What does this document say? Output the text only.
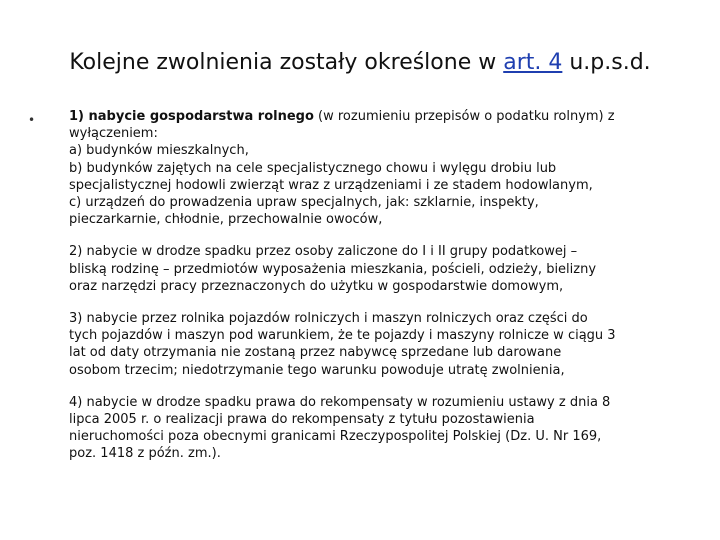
Kolejne zwolnienia zostały określone w art. 4 u.p.s.d.
•	1) nabycie gospodarstwa rolnego (w rozumieniu przepisów o podatku rolnym) z
wyłączeniem:
a) budynków mieszkalnych,
b) budynków zajętych na cele specjalistycznego chowu i wylęgu drobiu lub
specjalistycznej hodowli zwierząt wraz z urządzeniami i ze stadem hodowlanym,
c) urządzeń do prowadzenia upraw specjalnych, jak: szklarnie, inspekty,
pieczarkarnie, chłodnie, przechowalnie owoców,
2) nabycie w drodze spadku przez osoby zaliczone do I i II grupy podatkowej –
bliską rodzinę – przedmiotów wyposażenia mieszkania, pościeli, odzieży, bielizny
oraz narzędzi pracy przeznaczonych do użytku w gospodarstwie domowym,
3) nabycie przez rolnika pojazdów rolniczych i maszyn rolniczych oraz części do
tych pojazdów i maszyn pod warunkiem, że te pojazdy i maszyny rolnicze w ciągu 3
lat od daty otrzymania nie zostaną przez nabywcę sprzedane lub darowane
osobom trzecim; niedotrzymanie tego warunku powoduje utratę zwolnienia,
4) nabycie w drodze spadku prawa do rekompensaty w rozumieniu ustawy z dnia 8
lipca 2005 r. o realizacji prawa do rekompensaty z tytułu pozostawienia
nieruchomości poza obecnymi granicami Rzeczypospolitej Polskiej (Dz. U. Nr 169,
poz. 1418 z późn. zm.).
